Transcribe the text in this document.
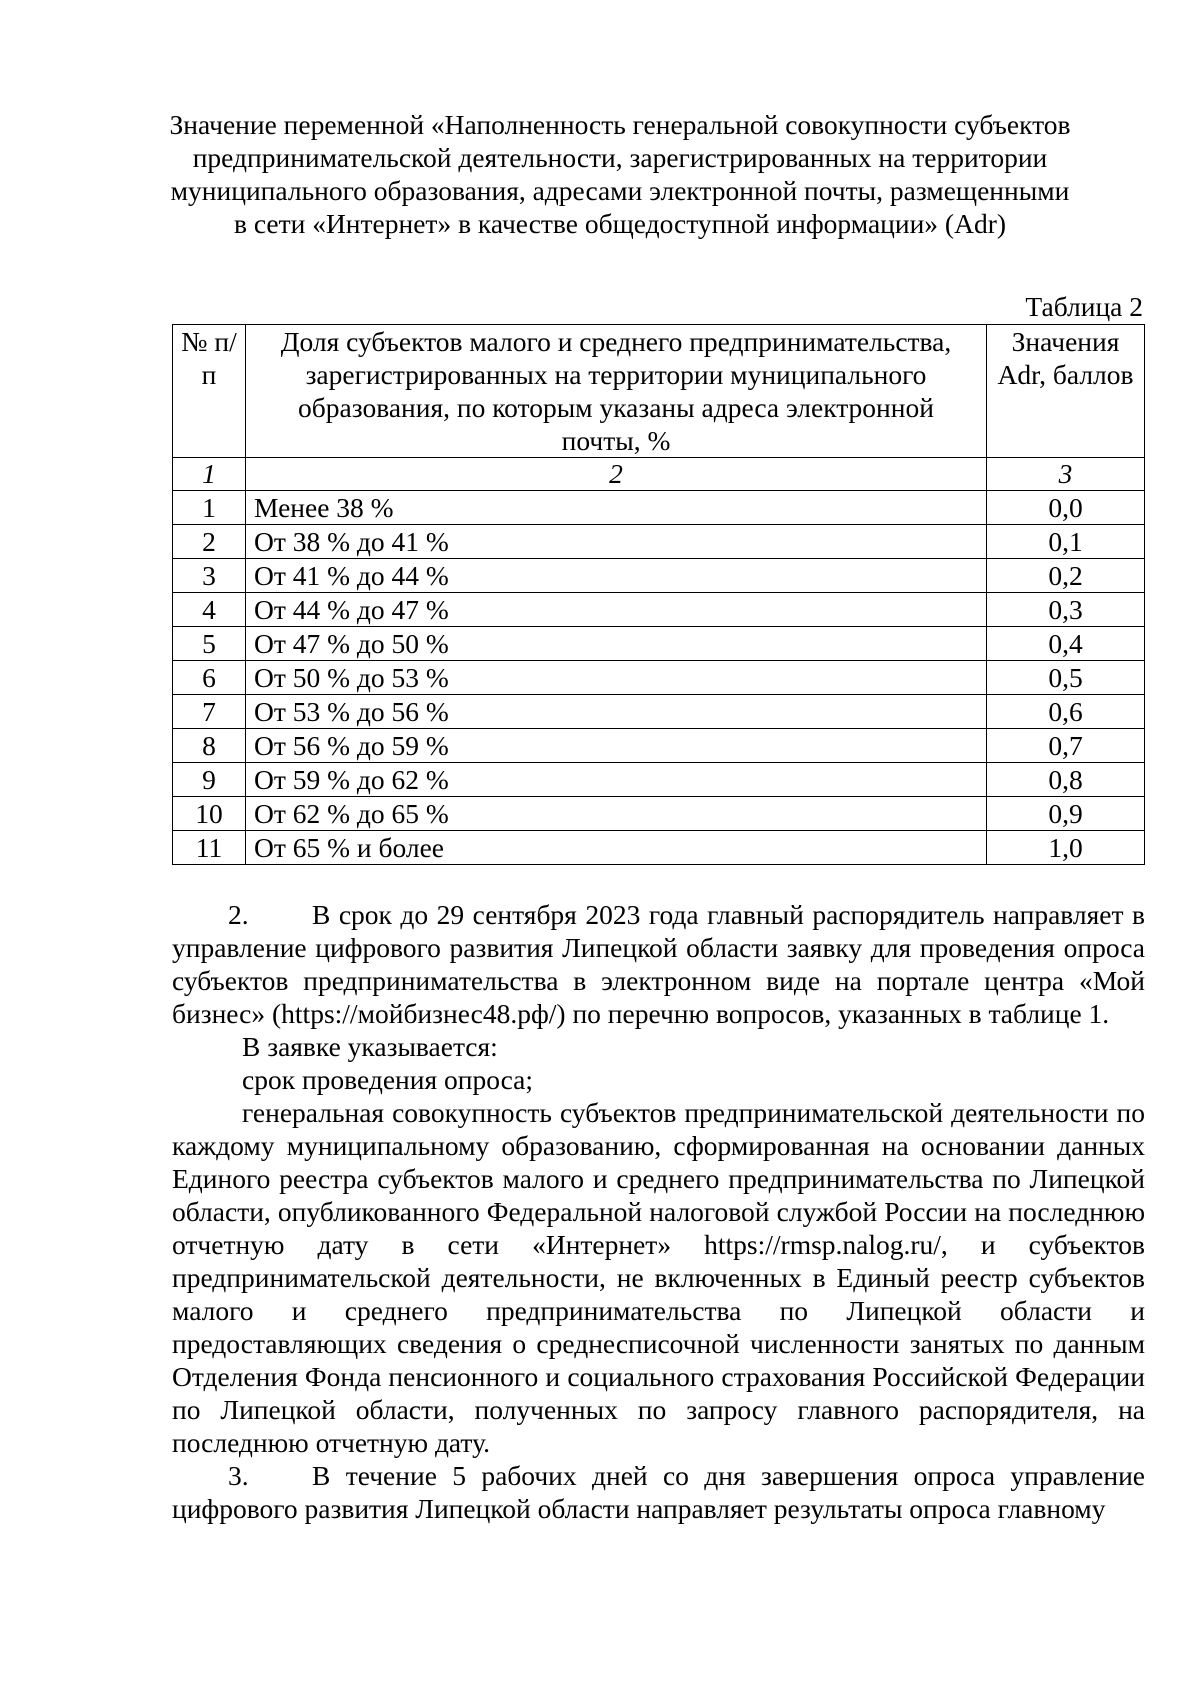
Значение переменной «Наполненность генеральной совокупности субъектов
предпринимательской деятельности, зарегистрированных на территории
муниципального образования, адресами электронной почты, размещенными
в сети «Интернет» в качестве общедоступной информации» (Adr)
Таблица 2
№ п/п	Доля субъектов малого и среднего предпринимательства, зарегистрированных на территории муниципального образования, по которым указаны адреса электронной почты, %	Значения Adr, баллов
1	2	3
1	Менее 38 %	0,0
2	От 38 % до 41 %	0,1
3	От 41 % до 44 %	0,2
4	От 44 % до 47 %	0,3
5	От 47 % до 50 %	0,4
6	От 50 % до 53 %	0,5
7	От 53 % до 56 %	0,6
8	От 56 % до 59 %	0,7
9	От 59 % до 62 %	0,8
10	От 62 % до 65 %	0,9
11	От 65 % и более	1,0

2. В срок до 29 сентября 2023 года главный распорядитель направляет в управление цифрового развития Липецкой области заявку для проведения опроса субъектов предпринимательства в электронном виде на портале центра «Мой бизнес» (https://мойбизнес48.рф/) по перечню вопросов, указанных в таблице 1.

В заявке указывается:

срок проведения опроса;

генеральная совокупность субъектов предпринимательской деятельности по каждому муниципальному образованию, сформированная на основании данных Единого реестра субъектов малого и среднего предпринимательства по Липецкой области, опубликованного Федеральной налоговой службой России на последнюю отчетную дату в сети «Интернет» https://rmsp.nalog.ru/, и субъектов предпринимательской деятельности, не включенных в Единый реестр субъектов малого и среднего предпринимательства по Липецкой области и предоставляющих сведения о среднесписочной численности занятых по данным Отделения Фонда пенсионного и социального страхования Российской Федерации по Липецкой области, полученных по запросу главного распорядителя, на последнюю отчетную дату.

3. В течение 5 рабочих дней со дня завершения опроса управление цифрового развития Липецкой области направляет результаты опроса главному
